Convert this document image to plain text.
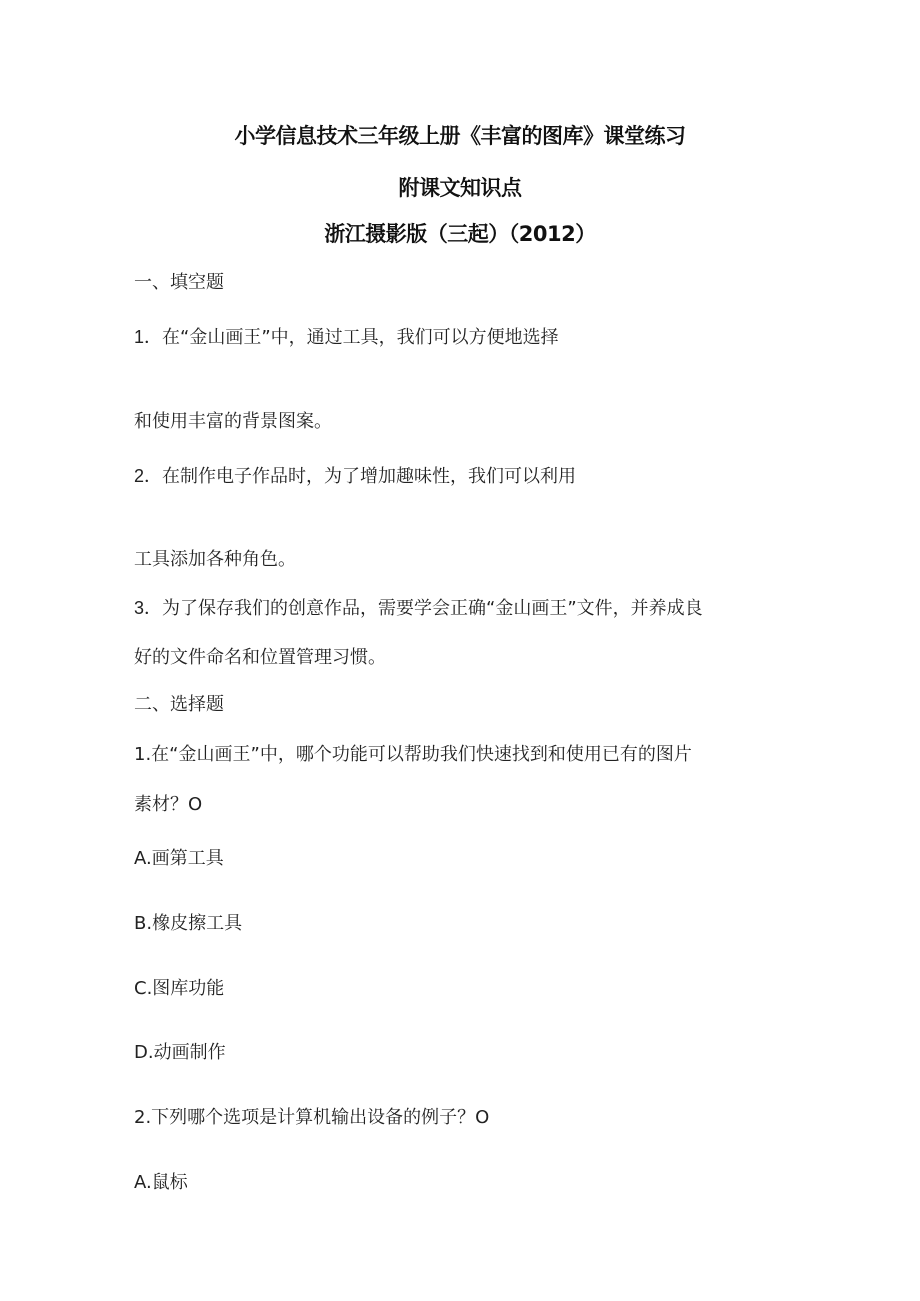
小学信息技术三年级上册《丰富的图库》课堂练习
附课文知识点
浙江摄影版（三起）（2012）
一、填空题
1．在“金山画王”中，通过工具，我们可以方便地选择
和使用丰富的背景图案。
2．在制作电子作品时，为了增加趣味性，我们可以利用
工具添加各种角色。
3．为了保存我们的创意作品，需要学会正确“金山画王”文件，并养成良
好的文件命名和位置管理习惯。
二、选择题
1.在“金山画王”中，哪个功能可以帮助我们快速找到和使用已有的图片
素材？O
A.画第工具
B.橡皮擦工具
C.图库功能
D.动画制作
2.下列哪个选项是计算机输出设备的例子？O
A.鼠标
